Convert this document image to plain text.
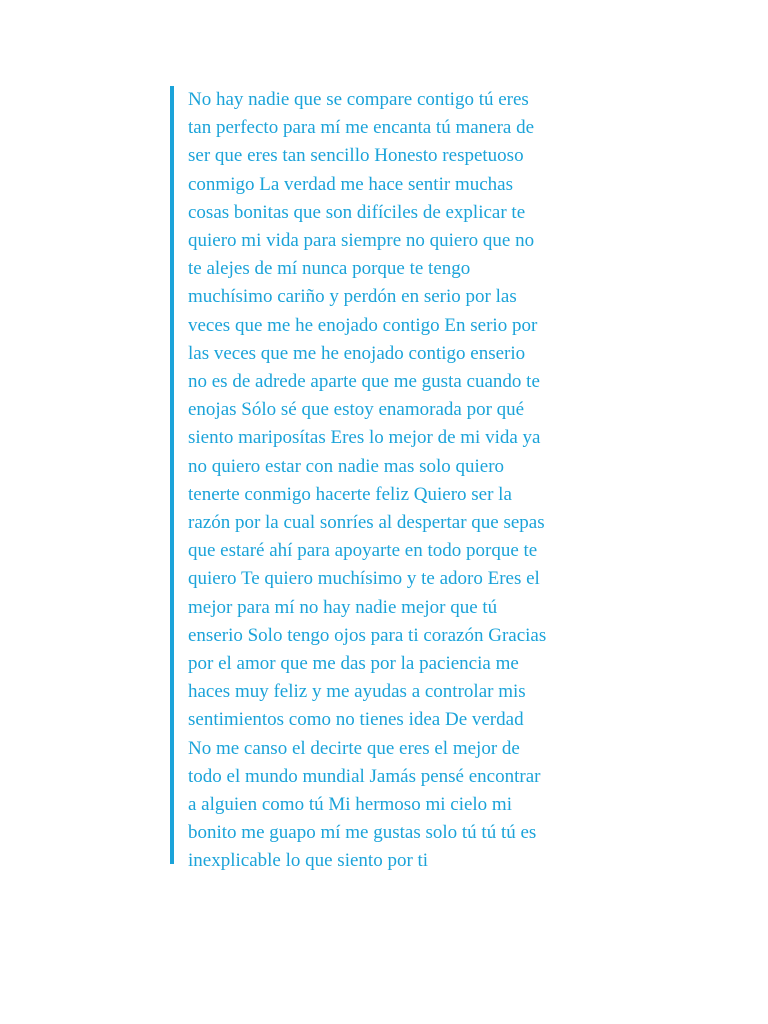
No hay nadie que se compare contigo tú eres
tan perfecto para mí me encanta tú manera de
ser que eres tan sencillo Honesto respetuoso
conmigo La verdad me hace sentir muchas
cosas bonitas que son difíciles de explicar te
quiero mi vida para siempre no quiero que no
te alejes de mí nunca porque te tengo
muchísimo cariño y perdón en serio por las
veces que me he enojado contigo En serio por
las veces que me he enojado contigo enserio
no es de adrede aparte que me gusta cuando te
enojas Sólo sé que estoy enamorada por qué
siento mariposítas Eres lo mejor de mi vida ya
no quiero estar con nadie mas solo quiero
tenerte conmigo hacerte feliz Quiero ser la
razón por la cual sonríes al despertar que sepas
que estaré ahí para apoyarte en todo porque te
quiero Te quiero muchísimo y te adoro Eres el
mejor para mí no hay nadie mejor que tú
enserio Solo tengo ojos para ti corazón Gracias
por el amor que me das por la paciencia me
haces muy feliz y me ayudas a controlar mis
sentimientos como no tienes idea De verdad
No me canso el decirte que eres el mejor de
todo el mundo mundial Jamás pensé encontrar
a alguien como tú Mi hermoso mi cielo mi
bonito me guapo mí me gustas solo tú tú tú es
inexplicable lo que siento por ti
